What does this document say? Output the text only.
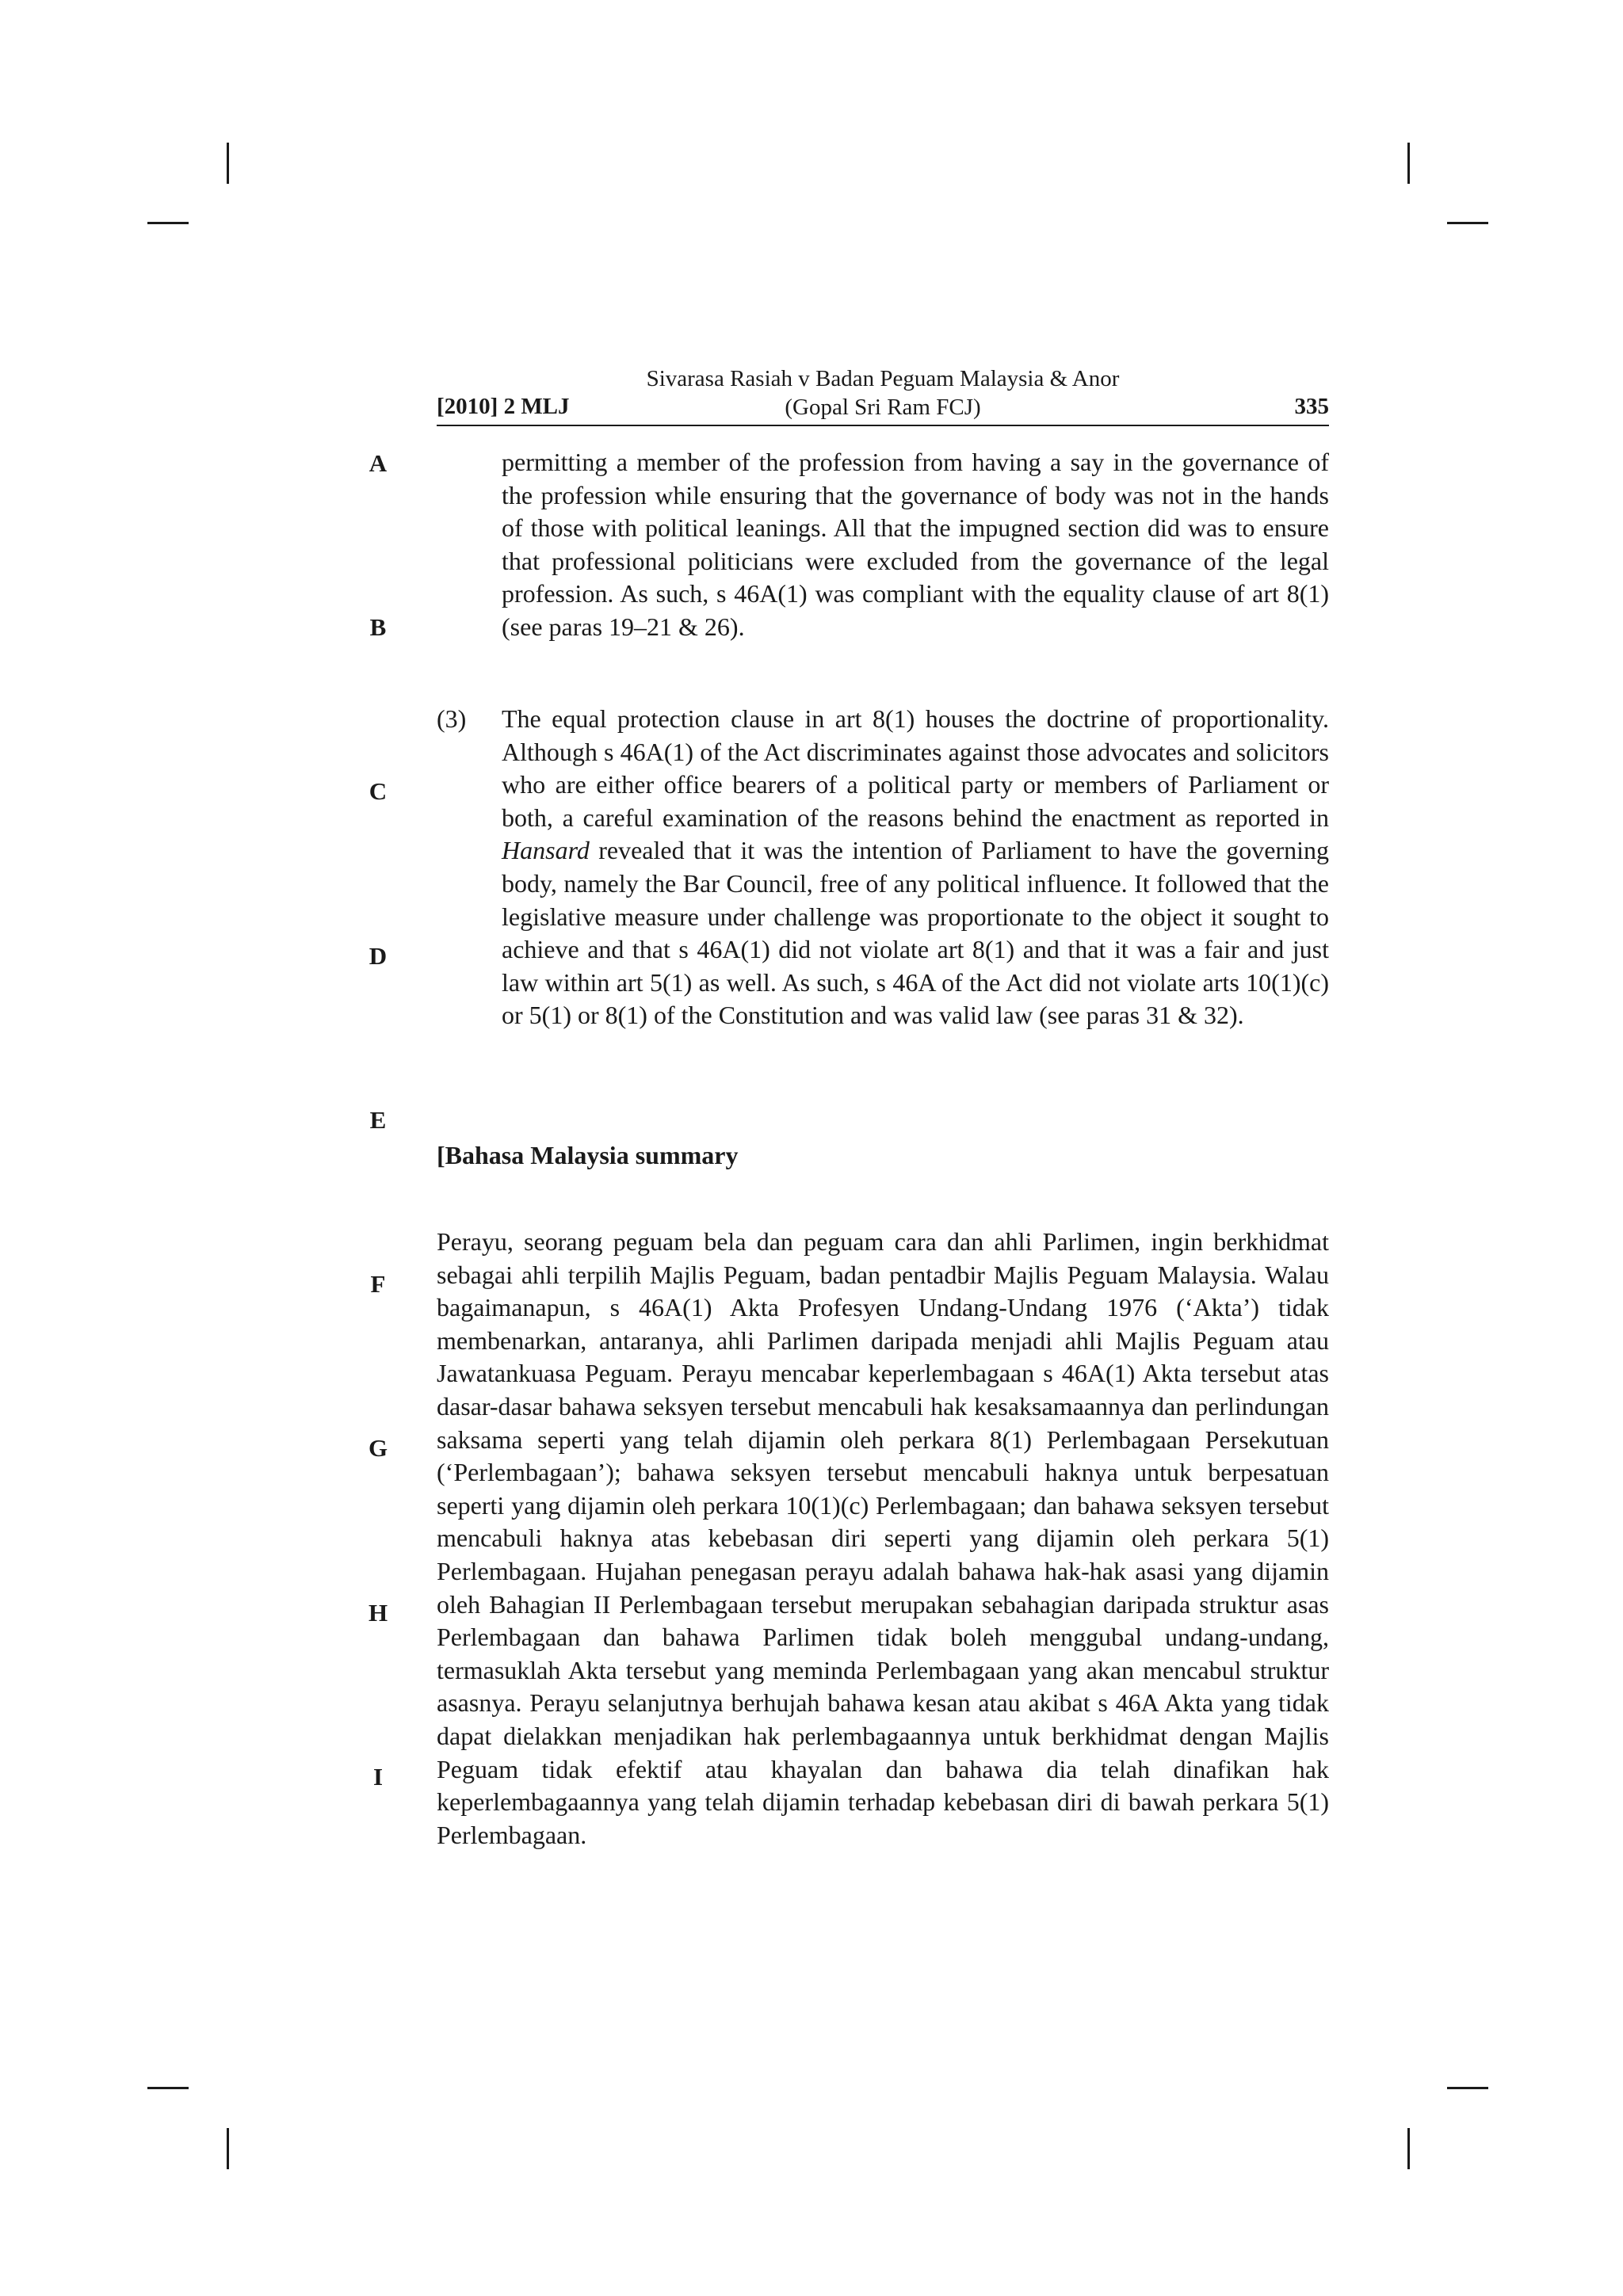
[2010] 2 MLJ
Sivarasa Rasiah v Badan Peguam Malaysia & Anor
(Gopal Sri Ram FCJ)	335
A
B
C
D
E
F
G
H
I

permitting a member of the profession from having a say in the governance of the profession while ensuring that the governance of body was not in the hands of those with political leanings. All that the impugned section did was to ensure that professional politicians were excluded from the governance of the legal profession. As such, s 46A(1) was compliant with the equality clause of art 8(1) (see paras 19–21 & 26).

(3) The equal protection clause in art 8(1) houses the doctrine of proportionality. Although s 46A(1) of the Act discriminates against those advocates and solicitors who are either office bearers of a political party or members of Parliament or both, a careful examination of the reasons behind the enactment as reported in Hansard revealed that it was the intention of Parliament to have the governing body, namely the Bar Council, free of any political influence. It followed that the legislative measure under challenge was proportionate to the object it sought to achieve and that s 46A(1) did not violate art 8(1) and that it was a fair and just law within art 5(1) as well. As such, s 46A of the Act did not violate arts 10(1)(c) or 5(1) or 8(1) of the Constitution and was valid law (see paras 31 & 32).

[Bahasa Malaysia summary

Perayu, seorang peguam bela dan peguam cara dan ahli Parlimen, ingin berkhidmat sebagai ahli terpilih Majlis Peguam, badan pentadbir Majlis Peguam Malaysia. Walau bagaimanapun, s 46A(1) Akta Profesyen Undang-Undang 1976 (‘Akta’) tidak membenarkan, antaranya, ahli Parlimen daripada menjadi ahli Majlis Peguam atau Jawatankuasa Peguam. Perayu mencabar keperlembagaan s 46A(1) Akta tersebut atas dasar-dasar bahawa seksyen tersebut mencabuli hak kesaksamaannya dan perlindungan saksama seperti yang telah dijamin oleh perkara 8(1) Perlembagaan Persekutuan (‘Perlembagaan’); bahawa seksyen tersebut mencabuli haknya untuk berpesatuan seperti yang dijamin oleh perkara 10(1)(c) Perlembagaan; dan bahawa seksyen tersebut mencabuli haknya atas kebebasan diri seperti yang dijamin oleh perkara 5(1) Perlembagaan. Hujahan penegasan perayu adalah bahawa hak-hak asasi yang dijamin oleh Bahagian II Perlembagaan tersebut merupakan sebahagian daripada struktur asas Perlembagaan dan bahawa Parlimen tidak boleh menggubal undang-undang, termasuklah Akta tersebut yang meminda Perlembagaan yang akan mencabul struktur asasnya. Perayu selanjutnya berhujah bahawa kesan atau akibat s 46A Akta yang tidak dapat dielakkan menjadikan hak perlembagaannya untuk berkhidmat dengan Majlis Peguam tidak efektif atau khayalan dan bahawa dia telah dinafikan hak keperlembagaannya yang telah dijamin terhadap kebebasan diri di bawah perkara 5(1) Perlembagaan.
